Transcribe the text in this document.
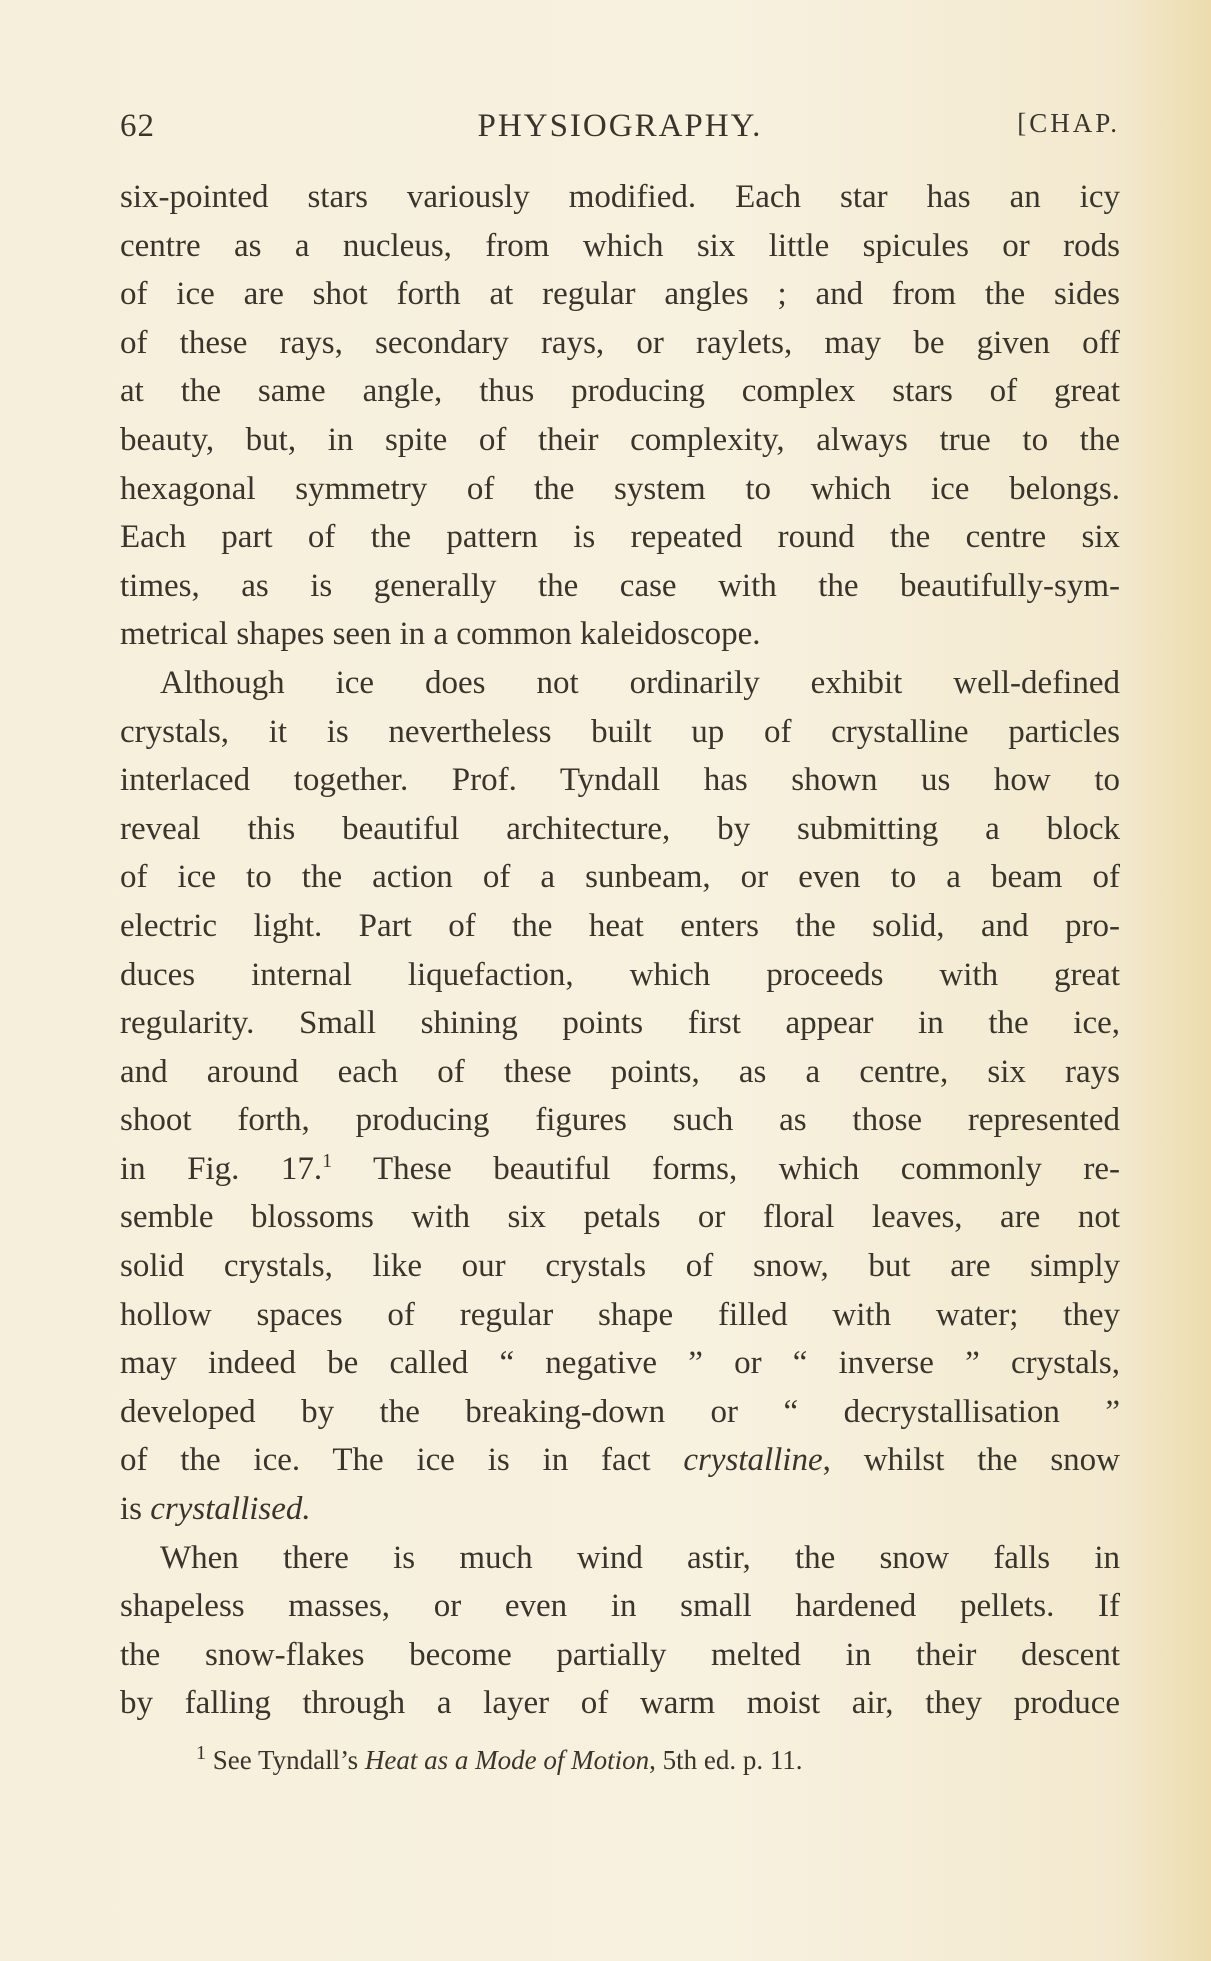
62	PHYSIOGRAPHY.	[CHAP.
six-pointed stars variously modified. Each star has an icy
centre as a nucleus, from which six little spicules or rods
of ice are shot forth at regular angles ; and from the sides
of these rays, secondary rays, or raylets, may be given off
at the same angle, thus producing complex stars of great
beauty, but, in spite of their complexity, always true to the
hexagonal symmetry of the system to which ice belongs.
Each part of the pattern is repeated round the centre six
times, as is generally the case with the beautifully-sym-
metrical shapes seen in a common kaleidoscope.
Although ice does not ordinarily exhibit well-defined
crystals, it is nevertheless built up of crystalline particles
interlaced together. Prof. Tyndall has shown us how to
reveal this beautiful architecture, by submitting a block
of ice to the action of a sunbeam, or even to a beam of
electric light. Part of the heat enters the solid, and pro-
duces internal liquefaction, which proceeds with great
regularity. Small shining points first appear in the ice,
and around each of these points, as a centre, six rays
shoot forth, producing figures such as those represented
in Fig. 17.$^1$ These beautiful forms, which commonly re-
semble blossoms with six petals or floral leaves, are not
solid crystals, like our crystals of snow, but are simply
hollow spaces of regular shape filled with water; they
may indeed be called “ negative ” or “ inverse ” crystals,
developed by the breaking-down or “ decrystallisation ”
of the ice. The ice is in fact crystalline, whilst the snow
is crystallised.
When there is much wind astir, the snow falls in
shapeless masses, or even in small hardened pellets. If
the snow-flakes become partially melted in their descent
by falling through a layer of warm moist air, they produce
$^1$ See Tyndall’s Heat as a Mode of Motion, 5th ed. p. 11.
